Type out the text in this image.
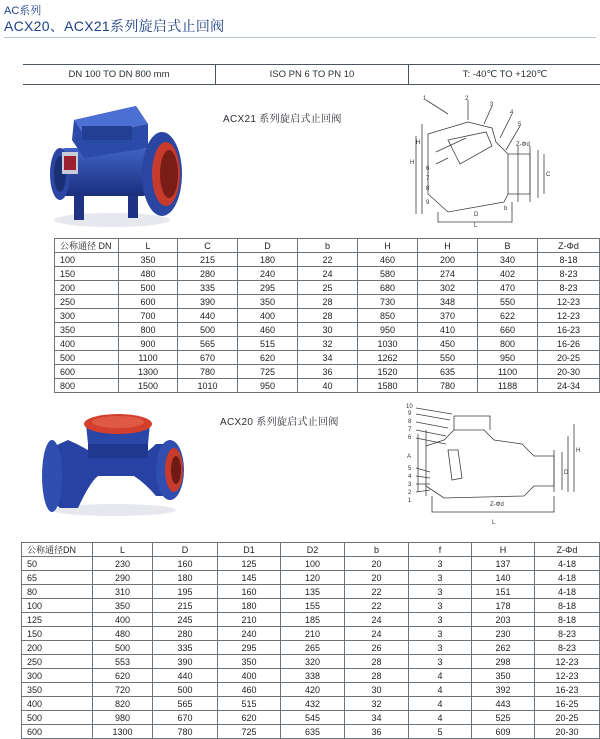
AC系列
ACX20、ACX21系列旋启式止回阀
DN 100 TO DN 800 mm	ISO PN 6 TO PN 10	T: -40℃ TO +120℃
ACX21 系列旋启式止回阀
1	2
3
4
5
6
7
8
9
H
L
D
b
Z-Φd
C
H
公称通径 DN	L	C	D	b	H	H	B	Z-Φd
100	350	215	180	22	460	200	340	8-18
150	480	280	240	24	580	274	402	8-23
200	500	335	295	25	680	302	470	8-23
250	600	390	350	28	730	348	550	12-23
300	700	440	400	28	850	370	622	12-23
350	800	500	460	30	950	410	660	16-23
400	900	565	515	32	1030	450	800	16-26
500	1100	670	620	34	1262	550	950	20-25
600	1300	780	725	36	1520	635	1100	20-30
800	1500	1010	950	40	1580	780	1188	24-34
ACX20 系列旋启式止回阀
10
9
8
7
6
A
5
4
3
2
1
Z-Φd
L
D
H
公称通径DN	L	D	D1	D2	b	f	H	Z-Φd
50	230	160	125	100	20	3	137	4-18
65	290	180	145	120	20	3	140	4-18
80	310	195	160	135	22	3	151	4-18
100	350	215	180	155	22	3	178	8-18
125	400	245	210	185	24	3	203	8-18
150	480	280	240	210	24	3	230	8-23
200	500	335	295	265	26	3	262	8-23
250	553	390	350	320	28	3	298	12-23
300	620	440	400	338	28	4	350	12-23
350	720	500	460	420	30	4	392	16-23
400	820	565	515	432	32	4	443	16-25
500	980	670	620	545	34	4	525	20-25
600	1300	780	725	635	36	5	609	20-30
